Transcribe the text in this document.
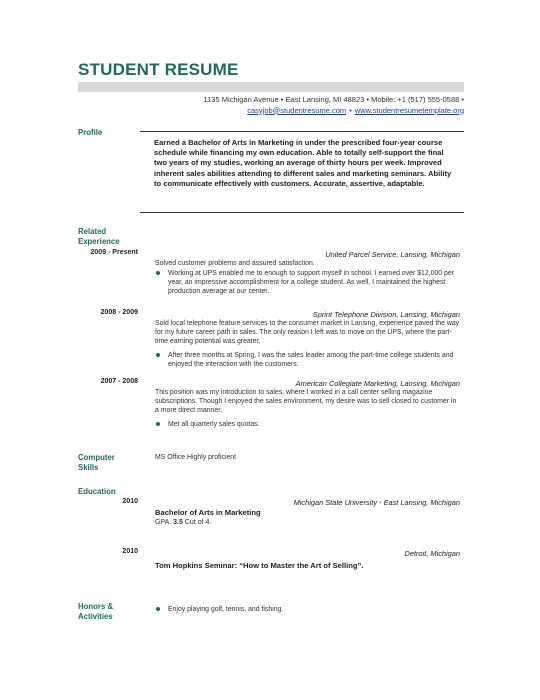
STUDENT RESUME
1135 Michigan Avenue • East Lansing, MI 48823 • Mobile: +1 (517) 555-0588 •
casyjob@studentresume.com • www.studentresumetemplate.org
Profile
Earned a Bachelor of Arts in Marketing in under the prescribed four-year course schedule while financing my own education. Able to totally self-support the final two years of my studies, working an average of thirty hours per week. Improved inherent sales abilities attending to different sales and marketing seminars. Ability to communicate effectively with customers. Accurate, assertive, adaptable.
Related
Experience
2009 - Present	United Parcel Service, Lansing, Michigan
Solved customer problems and assured satisfaction.
Working at UPS enabled me to enough to support myself in school. I earned over $12,000 per year, an impressive accomplishment for a college student. As well, I maintained the highest production average at our center.
2008 - 2009	Sprint Telephone Division, Lansing, Michigan
Sold local telephone feature services to the consumer market in Lansing, experience paved the way for my future career path in sales. The only reason I left was to move on the UPS, where the part-time earning potential was greater.
After three months at Spring, I was the sales leader among the part-time college students and enjoyed the interaction with the customers.
2007 - 2008	American Collegiate Marketing, Lansing, Michigan
This position was my introduction to sales, where I worked in a call center selling magazine subscriptions. Though I enjoyed the sales environment, my desire was to sell closed to customer in a more direct manner.
Met all quarterly sales quotas.
Computer
Skills
MS Office Highly proficient
Education
2010	Michigan State University - East Lansing, Michigan
Bachelor of Arts in Marketing
GPA. 3.5 Cut of 4.
2010	Detroit, Michigan
Tom Hopkins Seminar: “How to Master the Art of Selling”.
Honors &
Activities
Enjoy playing golf, tennis, and fishing.
